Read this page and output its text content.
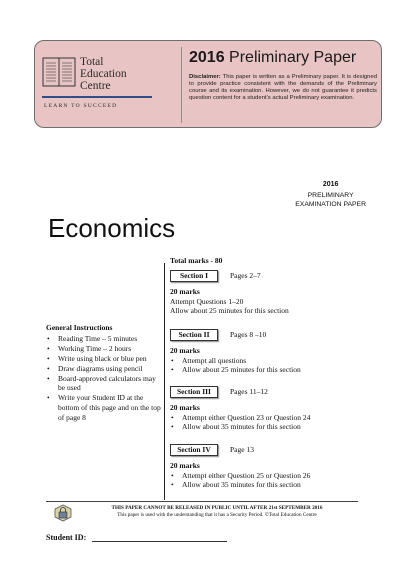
Total
Education
Centre
LEARN TO SUCCEED
2016 Preliminary Paper
Disclaimer: This paper is written as a Preliminary paper. It is designed to provide practice consistent with the demands of the Preliminary course and its examination. However, we do not guarantee it predicts question content for a student's actual Preliminary examination.
2016
PRELIMINARY
EXAMINATION PAPER
Economics
General Instructions
• Reading Time – 5 minutes
• Working Time – 2 hours
• Write using black or blue pen
• Draw diagrams using pencil
• Board-approved calculators may be used
• Write your Student ID at the bottom of this page and on the top of page 8
Total marks - 80
Section I	Pages 2–7
20 marks
Attempt Questions 1–20
Allow about 25 minutes for this section
Section II	Pages 8 –10
20 marks
• Attempt all questions
• Allow about 25 minutes for this section
Section III	Pages 11–12
20 marks
• Attempt either Question 23 or Question 24
• Allow about 35 minutes for this section
Section IV	Page 13
20 marks
• Attempt either Question 25 or Question 26
• Allow about 35 minutes for this section
THIS PAPER CANNOT BE RELEASED IN PUBLIC UNTIL AFTER 21st SEPTEMBER 2016
This paper is used with the understanding that it has a Security Period. ©Total Education Centre
Student ID:
